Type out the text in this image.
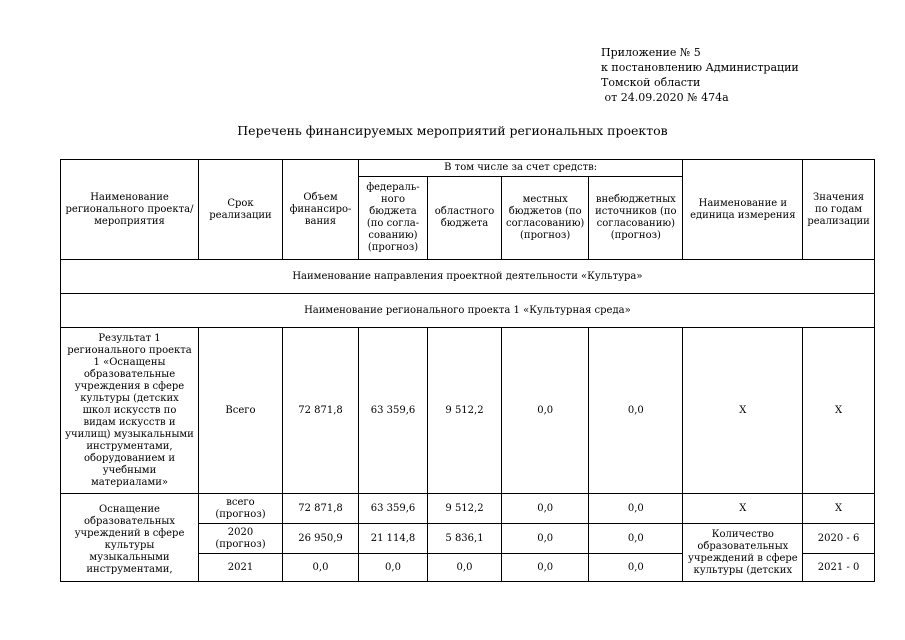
Приложение № 5
к постановлению Администрации
Томской области
от 24.09.2020 № 474а
Перечень финансируемых мероприятий региональных проектов
Наименование регионального проекта/ мероприятия	Срок реализации	Объем финансиро-вания	В том числе за счет средств:				Наименование и единица измерения	Значения по годам реализации
			федераль-ного бюджета (по согла-сованию) (прогноз)	областного бюджета	местных бюджетов (по согласованию) (прогноз)	внебюджетных источников (по согласованию) (прогноз)		
Наименование направления проектной деятельности «Культура»								
Наименование регионального проекта 1 «Культурная среда»								
Результат 1 регионального проекта 1 «Оснащены образовательные учреждения в сфере культуры (детских школ искусств по видам искусств и училищ) музыкальными инструментами, оборудованием и учебными материалами»	Всего	72 871,8	63 359,6	9 512,2	0,0	0,0	Х	Х
Оснащение образовательных учреждений в сфере культуры музыкальными инструментами,	всего (прогноз)	72 871,8	63 359,6	9 512,2	0,0	0,0	Х	Х
	2020 (прогноз)	26 950,9	21 114,8	5 836,1	0,0	0,0	Количество образовательных учреждений в сфере культуры (детских	2020 - 6
	2021	0,0	0,0	0,0	0,0	0,0		2021 - 0
